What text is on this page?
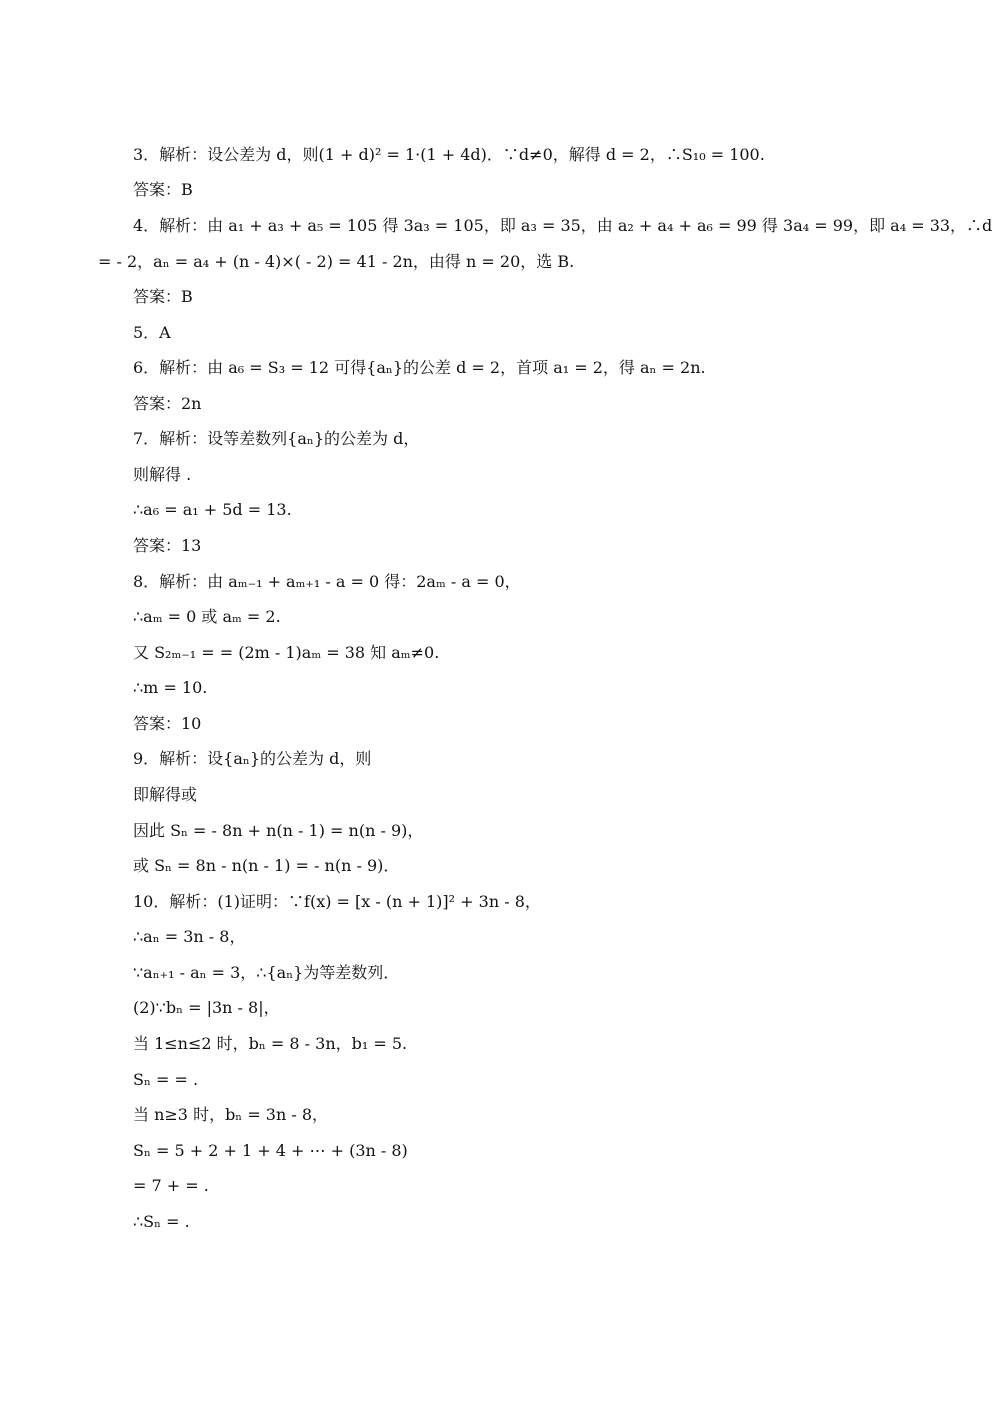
3．解析：设公差为 d，则(1 + d)² = 1·(1 + 4d)．∵d≠0，解得 d = 2，∴S₁₀ = 100.
答案：B
4．解析：由 a₁ + a₃ + a₅ = 105 得 3a₃ = 105，即 a₃ = 35，由 a₂ + a₄ + a₆ = 99 得 3a₄ = 99，即 a₄ = 33，∴d
= - 2，aₙ = a₄ + (n - 4)×( - 2) = 41 - 2n，由得 n = 20，选 B.
答案：B
5．A
6．解析：由 a₆ = S₃ = 12 可得{aₙ}的公差 d = 2，首项 a₁ = 2，得 aₙ = 2n.
答案：2n
7．解析：设等差数列{aₙ}的公差为 d，
则解得 .
∴a₆ = a₁ + 5d = 13.
答案：13
8．解析：由 aₘ₋₁ + aₘ₊₁ - a = 0 得：2aₘ - a = 0，
∴aₘ = 0 或 aₘ = 2.
又 S₂ₘ₋₁ = = (2m - 1)aₘ = 38 知 aₘ≠0.
∴m = 10.
答案：10
9．解析：设{aₙ}的公差为 d，则
即解得或
因此 Sₙ = - 8n + n(n - 1) = n(n - 9)，
或 Sₙ = 8n - n(n - 1) = - n(n - 9)．
10．解析：(1)证明：∵f(x) = [x - (n + 1)]² + 3n - 8，
∴aₙ = 3n - 8，
∵aₙ₊₁ - aₙ = 3，∴{aₙ}为等差数列．
(2)∵bₙ = |3n - 8|，
当 1≤n≤2 时，bₙ = 8 - 3n，b₁ = 5.
Sₙ = = .
当 n≥3 时，bₙ = 3n - 8，
Sₙ = 5 + 2 + 1 + 4 + ⋯ + (3n - 8)
= 7 + = .
∴Sₙ = .
